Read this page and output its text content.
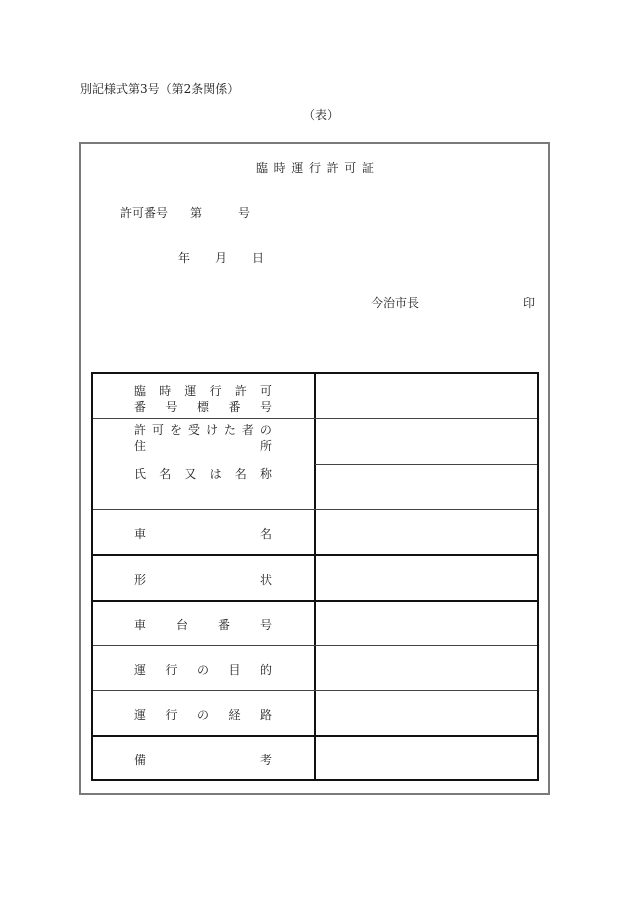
別記様式第3号（第2条関係）
（表）
臨 時 運 行 許 可 証
許可番号 第	号
年 月 日
今治市長	印
臨 時 運 行 許 可
番 号 標 番 号
許 可 を 受 け た 者 の
住	所
氏 名 又 は 名 称
車	名
形	状
車 台 番 号
運 行 の 目 的
運 行 の 経 路
備	考
